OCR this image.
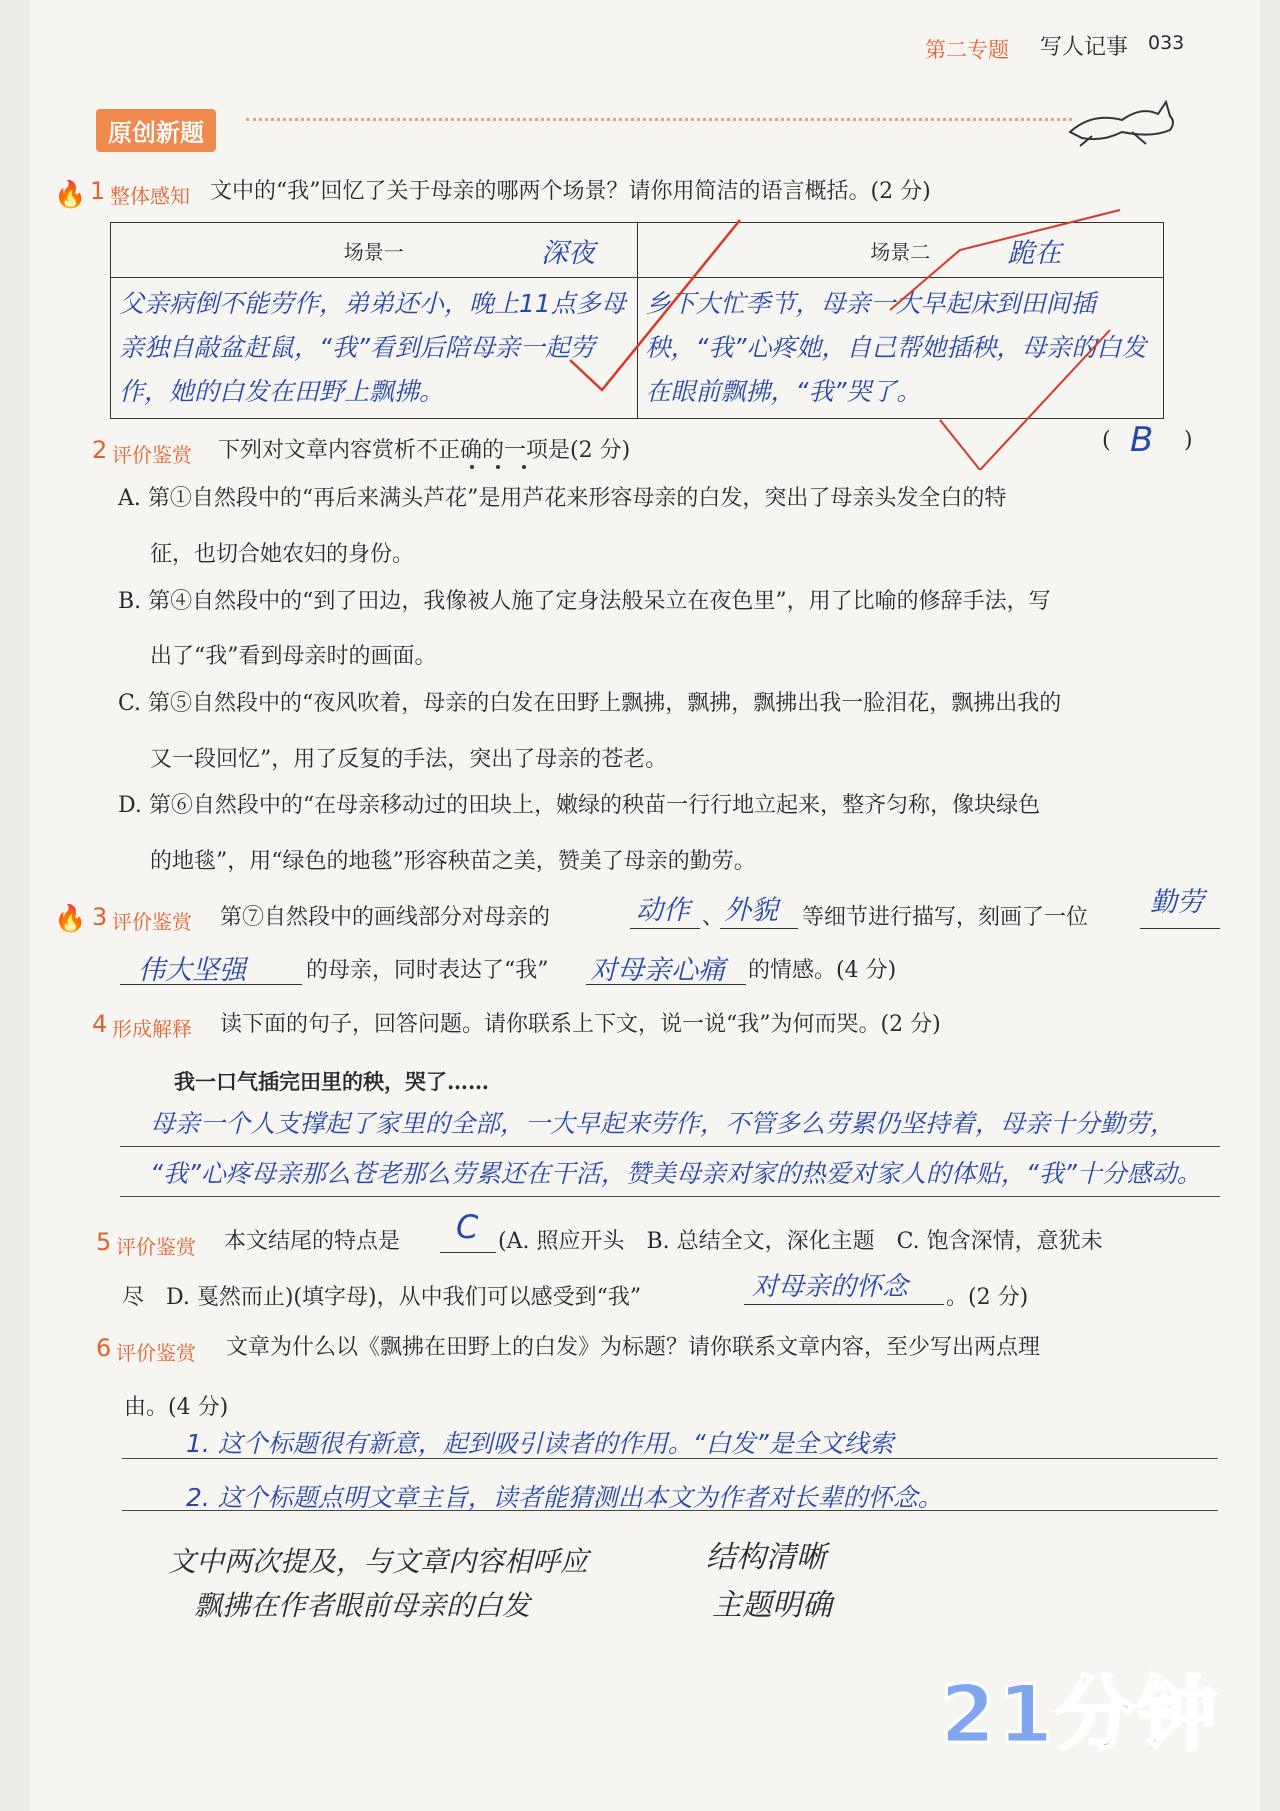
第二专题 写人记事 033
原创新题
🔥 1 整体感知 文中的“我”回忆了关于母亲的哪两个场景？请你用简洁的语言概括。(2 分)
场景一 深夜	场景二 跪在

父亲病倒不能劳作，弟弟还小，晚上11点多母亲独自敲盆赶鼠，“我”看到后陪母亲一起劳作，她的白发在田野上飘拂。	乡下大忙季节，母亲一大早起床到田间插秧，“我”心疼她，自己帮她插秧，母亲的白发在眼前飘拂，“我”哭了。
2 评价鉴赏 下列对文章内容赏析不正确的一项是(2 分)	( B )
A. 第①自然段中的“再后来满头芦花”是用芦花来形容母亲的白发，突出了母亲头发全白的特
征，也切合她农妇的身份。
B. 第④自然段中的“到了田边，我像被人施了定身法般呆立在夜色里”，用了比喻的修辞手法，写
出了“我”看到母亲时的画面。
C. 第⑤自然段中的“夜风吹着，母亲的白发在田野上飘拂，飘拂，飘拂出我一脸泪花，飘拂出我的
又一段回忆”，用了反复的手法，突出了母亲的苍老。
D. 第⑥自然段中的“在母亲移动过的田块上，嫩绿的秧苗一行行地立起来，整齐匀称，像块绿色
的地毯”，用“绿色的地毯”形容秧苗之美，赞美了母亲的勤劳。
🔥 3 评价鉴赏 第⑦自然段中的画线部分对母亲的	动作 、 外貌 等细节进行描写，刻画了一位 勤劳
伟大坚强	的母亲，同时表达了“我” 对母亲心痛 的情感。(4 分)
4 形成解释 读下面的句子，回答问题。请你联系上下文，说一说“我”为何而哭。(2 分)
我一口气插完田里的秧，哭了……
母亲一个人支撑起了家里的全部，一大早起来劳作，不管多么劳累仍坚持着，母亲十分勤劳，
“我”心疼母亲那么苍老那么劳累还在干活，赞美母亲对家的热爱对家人的体贴，“我”十分感动。
5 评价鉴赏 本文结尾的特点是 C (A. 照应开头　B. 总结全文，深化主题　C. 饱含深情，意犹未
尽　D. 戛然而止)(填字母)，从中我们可以感受到“我”	对母亲的怀念 。(2 分)
6 评价鉴赏 文章为什么以《飘拂在田野上的白发》为标题？请你联系文章内容，至少写出两点理
由。(4 分)
1. 这个标题很有新意，起到吸引读者的作用。“白发”是全文线索
2. 这个标题点明文章主旨，读者能猜测出本文为作者对长辈的怀念。
文中两次提及，与文章内容相呼应
飘拂在作者眼前母亲的白发
结构清晰
主题明确
21分钟
